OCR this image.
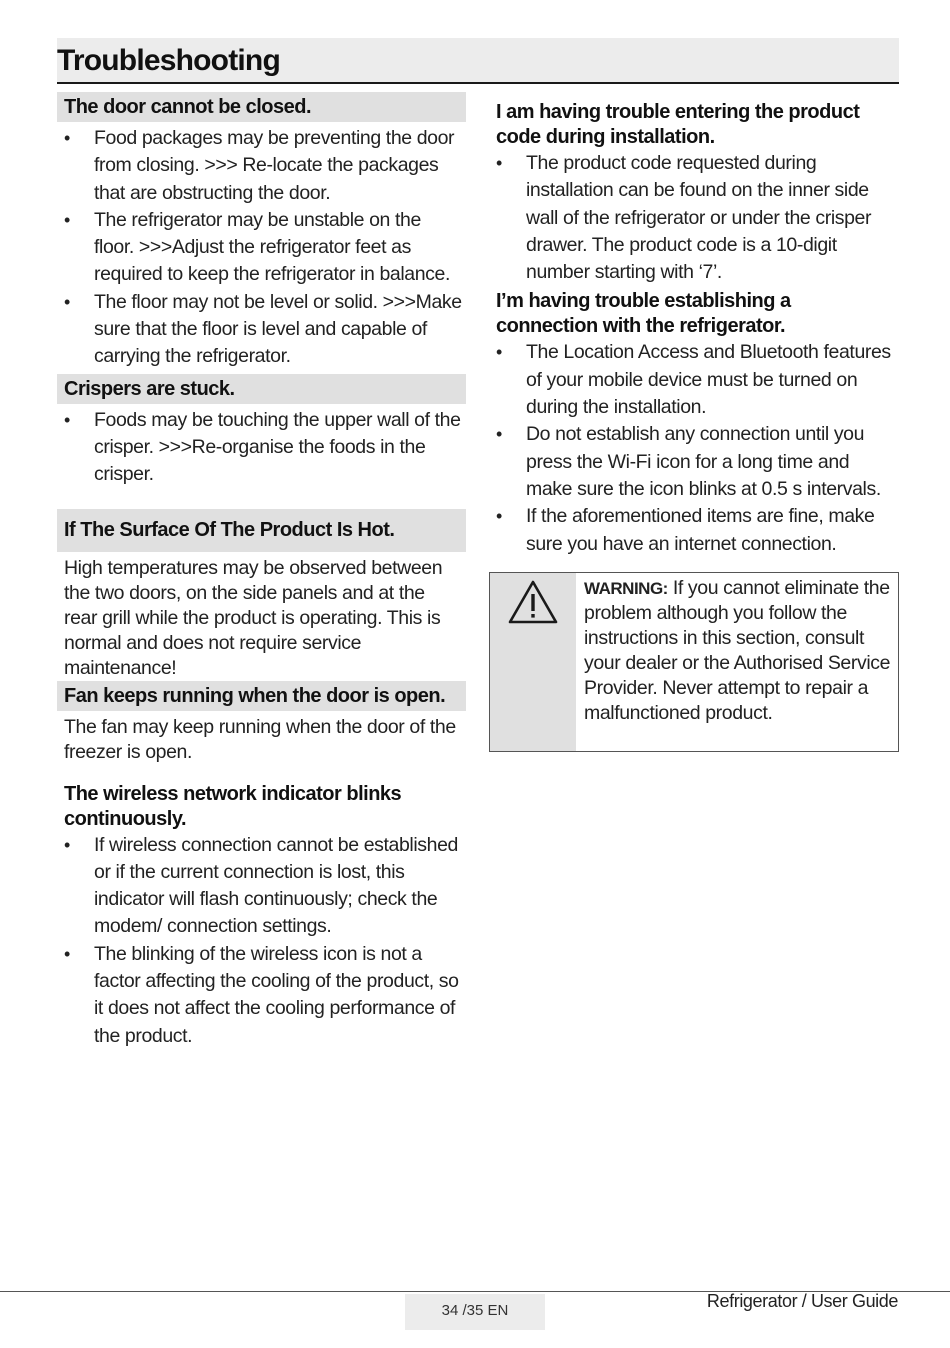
Troubleshooting
The door cannot be closed.
• Food packages may be preventing the door from closing. >>> Re-locate the packages that are obstructing the door.
• The refrigerator may be unstable on the floor. >>>Adjust the refrigerator feet as required to keep the refrigerator in balance.
• The floor may not be level or solid. >>>Make sure that the floor is level and capable of carrying the refrigerator.
Crispers are stuck.
• Foods may be touching the upper wall of the crisper. >>>Re-organise the foods in the crisper.
If The Surface Of The Product Is Hot.

High temperatures may be observed between the two doors, on the side panels and at the rear grill while the product is operating. This is normal and does not require service maintenance!

Fan keeps running when the door is open.

The fan may keep running when the door of the freezer is open.

The wireless network indicator blinks continuously.
• If wireless connection cannot be established or if the current connection is lost, this indicator will flash continuously; check the modem/ connection settings.
• The blinking of the wireless icon is not a factor affecting the cooling of the product, so it does not affect the cooling performance of the product.
I am having trouble entering the product code during installation.
• The product code requested during installation can be found on the inner side wall of the refrigerator or under the crisper drawer. The product code is a 10-digit number starting with ‘7’.
I’m having trouble establishing a connection with the refrigerator.
• The Location Access and Bluetooth features of your mobile device must be turned on during the installation.
• Do not establish any connection until you press the Wi-Fi icon for a long time and make sure the icon blinks at 0.5 s intervals.
• If the aforementioned items are fine, make sure you have an internet connection.
WARNING: If you cannot eliminate the problem although you follow the instructions in this section, consult your dealer or the Authorised Service Provider. Never attempt to repair a malfunctioned product.
34 /35 EN	Refrigerator / User Guide
